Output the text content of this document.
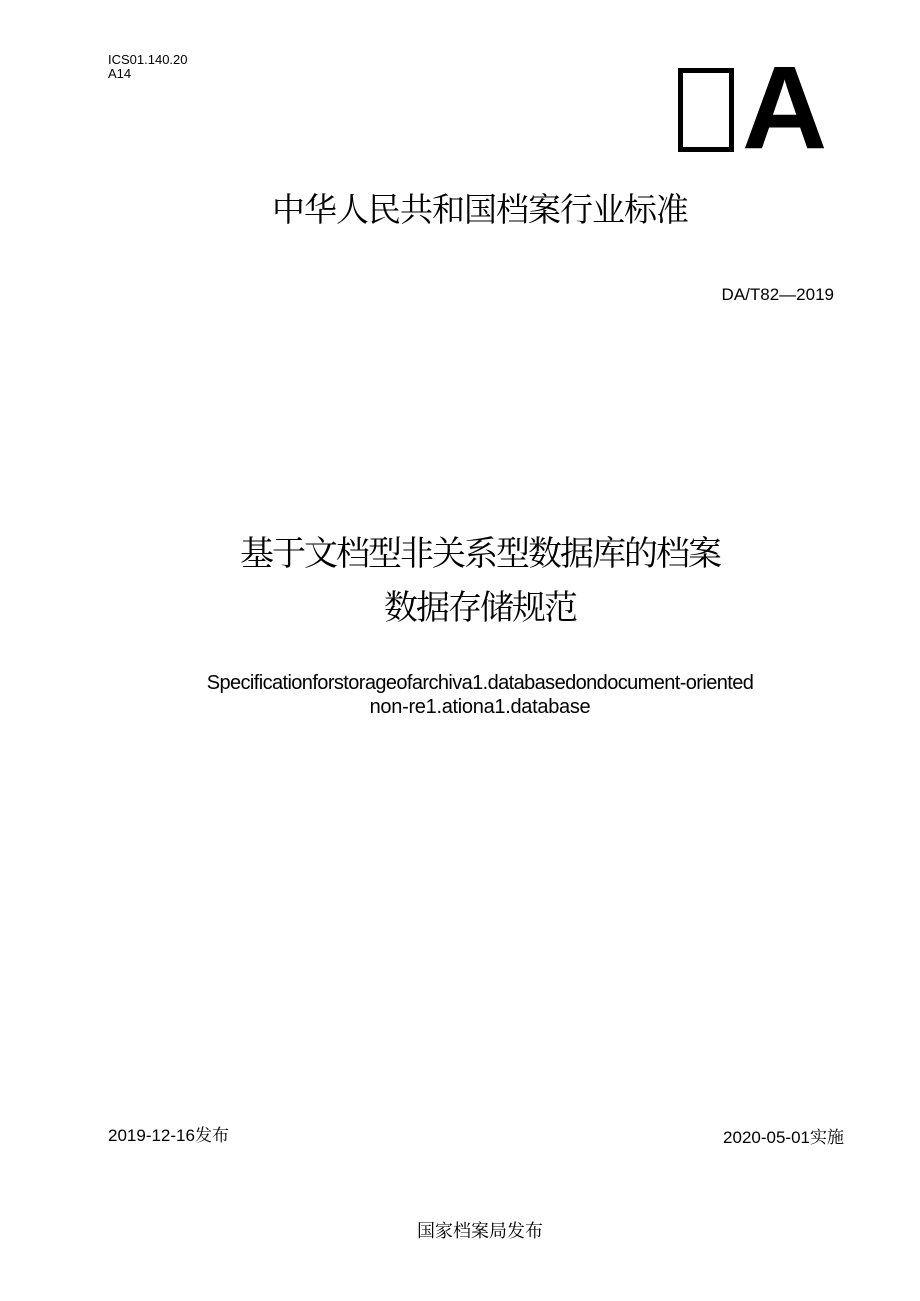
ICS01.140.20
A14	A
中华人民共和国档案行业标准
DA/T82—2019
基于文档型非关系型数据库的档案
数据存储规范
Specificationforstorageofarchiva1.databasedondocument-oriented
non-re1.ationa1.database
2019-12-16发布	2020-05-01实施
国家档案局发布
